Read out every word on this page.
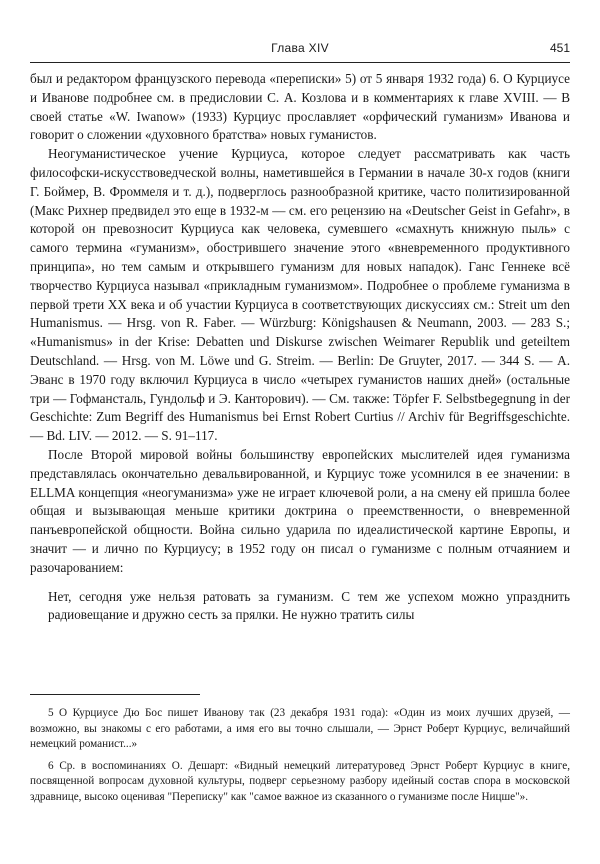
Глава XIV	451

был и редактором французского перевода «переписки» 5) от 5 января 1932 года) 6. О Курциусе и Иванове подробнее см. в предисловии С. А. Козлова и в комментариях к главе XVIII. — В своей статье «W. Iwanow» (1933) Курциус прославляет «орфический гуманизм» Иванова и говорит о сложении «духовного братства» новых гуманистов.

Неогуманистическое учение Курциуса, которое следует рассматривать как часть философски-искусствоведческой волны, наметившейся в Германии в начале 30-х годов (книги Г. Боймер, В. Фроммеля и т. д.), подверглось разнообразной критике, часто политизированной (Макс Рихнер предвидел это еще в 1932-м — см. его рецензию на «Deutscher Geist in Gefahr», в которой он превозносит Курциуса как человека, сумевшего «смахнуть книжную пыль» с самого термина «гуманизм», обострившего значение этого «вневременного продуктивного принципа», но тем самым и открывшего гуманизм для новых нападок). Ганс Геннеке всё творчество Курциуса называл «прикладным гуманизмом». Подробнее о проблеме гуманизма в первой трети XX века и об участии Курциуса в соответствующих дискуссиях см.: Streit um den Humanismus. — Hrsg. von R. Faber. — Würzburg: Königshausen & Neumann, 2003. — 283 S.; «Humanismus» in der Krise: Debatten und Diskurse zwischen Weimarer Republik und geteiltem Deutschland. — Hrsg. von M. Löwe und G. Streim. — Berlin: De Gruyter, 2017. — 344 S. — А. Эванс в 1970 году включил Курциуса в число «четырех гуманистов наших дней» (остальные три — Гофмансталь, Гундольф и Э. Канторович). — См. также: Töpfer F. Selbstbegegnung in der Geschichte: Zum Begriff des Humanismus bei Ernst Robert Curtius // Archiv für Begriffsgeschichte. — Bd. LIV. — 2012. — S. 91–117.

После Второй мировой войны большинству европейских мыслителей идея гуманизма представлялась окончательно девальвированной, и Курциус тоже усомнился в ее значении: в ELLMA концепция «неогуманизма» уже не играет ключевой роли, а на смену ей пришла более общая и вызывающая меньше критики доктрина о преемственности, о вневременной панъевропейской общности. Война сильно ударила по идеалистической картине Европы, и значит — и лично по Курциусу; в 1952 году он писал о гуманизме с полным отчаянием и разочарованием:

Нет, сегодня уже нельзя ратовать за гуманизм. С тем же успехом можно упразднить радиовещание и дружно сесть за прялки. Не нужно тратить силы

5 О Курциусе Дю Бос пишет Иванову так (23 декабря 1931 года): «Один из моих лучших друзей, — возможно, вы знакомы с его работами, а имя его вы точно слышали, — Эрнст Роберт Курциус, величайший немецкий романист...»

6 Ср. в воспоминаниях О. Дешарт: «Видный немецкий литературовед Эрнст Роберт Курциус в книге, посвященной вопросам духовной культуры, подверг серьезному разбору идейный состав спора в московской здравнице, высоко оценивая "Переписку" как "самое важное из сказанного о гуманизме после Ницше"».
